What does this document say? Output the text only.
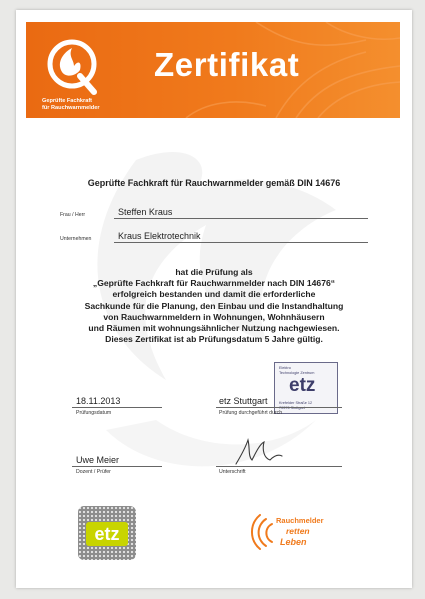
Geprüfte Fachkraft
für Rauchwarnmelder
Zertifikat
Geprüfte Fachkraft für Rauchwarnmelder gemäß DIN 14676
Frau / Herr	Steffen Kraus
Unternehmen	Kraus Elektrotechnik
hat die Prüfung als
„Geprüfte Fachkraft für Rauchwarnmelder nach DIN 14676“
erfolgreich bestanden und damit die erforderliche
Sachkunde für die Planung, den Einbau und die Instandhaltung
von Rauchwarnmeldern in Wohnungen, Wohnhäusern
und Räumen mit wohnungsähnlicher Nutzung nachgewiesen.
Dieses Zertifikat ist ab Prüfungsdatum 5 Jahre gültig.
Elektro
Technologie Zentrum
etz
Krefelder Straße 12
70376 Stuttgart
18.11.2013
Prüfungsdatum
etz Stuttgart
Prüfung durchgeführt durch
Uwe Meier
Dozent / Prüfer	Unterschrift
etz
Rauchmelder
retten
Leben
